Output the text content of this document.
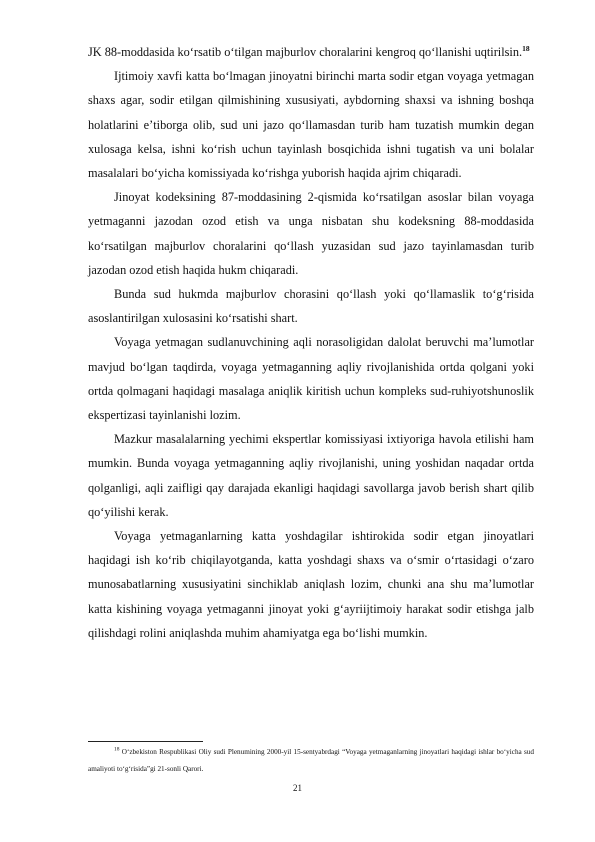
JK 88-moddasida koʻrsatib oʻtilgan majburlov choralarini kengroq qoʻllanishi uqtirilsin.$^{18}$

Ijtimoiy xavfi katta boʻlmagan jinoyatni birinchi marta sodir etgan voyaga yetmagan shaxs agar, sodir etilgan qilmishining xususiyati, aybdorning shaxsi va ishning boshqa holatlarini eʼtiborga olib, sud uni jazo qoʻllamasdan turib ham tuzatish mumkin degan xulosaga kelsa, ishni koʻrish uchun tayinlash bosqichida ishni tugatish va uni bolalar masalalari boʻyicha komissiyada koʻrishga yuborish haqida ajrim chiqaradi.

Jinoyat kodeksining 87-moddasining 2-qismida koʻrsatilgan asoslar bilan voyaga yetmaganni jazodan ozod etish va unga nisbatan shu kodeksning 88-moddasida koʻrsatilgan majburlov choralarini qoʻllash yuzasidan sud jazo tayinlamasdan turib jazodan ozod etish haqida hukm chiqaradi.

Bunda sud hukmda majburlov chorasini qoʻllash yoki qoʻllamaslik toʻgʻrisida asoslantirilgan xulosasini koʻrsatishi shart.

Voyaga yetmagan sudlanuvchining aqli norasoligidan dalolat beruvchi maʼlumotlar mavjud boʻlgan taqdirda, voyaga yetmaganning aqliy rivojlanishida ortda qolgani yoki ortda qolmagani haqidagi masalaga aniqlik kiritish uchun kompleks sud-ruhiyotshunoslik ekspertizasi tayinlanishi lozim.

Mazkur masalalarning yechimi ekspertlar komissiyasi ixtiyoriga havola etilishi ham mumkin. Bunda voyaga yetmaganning aqliy rivojlanishi, uning yoshidan naqadar ortda qolganligi, aqli zaifligi qay darajada ekanligi haqidagi savollarga javob berish shart qilib qoʻyilishi kerak.

Voyaga yetmaganlarning katta yoshdagilar ishtirokida sodir etgan jinoyatlari haqidagi ish koʻrib chiqilayotganda, katta yoshdagi shaxs va oʻsmir oʻrtasidagi oʻzaro munosabatlarning xususiyatini sinchiklab aniqlash lozim, chunki ana shu maʼlumotlar katta kishining voyaga yetmaganni jinoyat yoki gʻayriijtimoiy harakat sodir etishga jalb qilishdagi rolini aniqlashda muhim ahamiyatga ega boʻlishi mumkin.

$^{18}$ Oʻzbekiston Respublikasi Oliy sudi Plenumining 2000-yil 15-sentyabrdagi “Voyaga yetmaganlarning jinoyatlari haqidagi ishlar boʻyicha sud amaliyoti toʻgʻrisida”gi 21-sonli Qarori.

21
